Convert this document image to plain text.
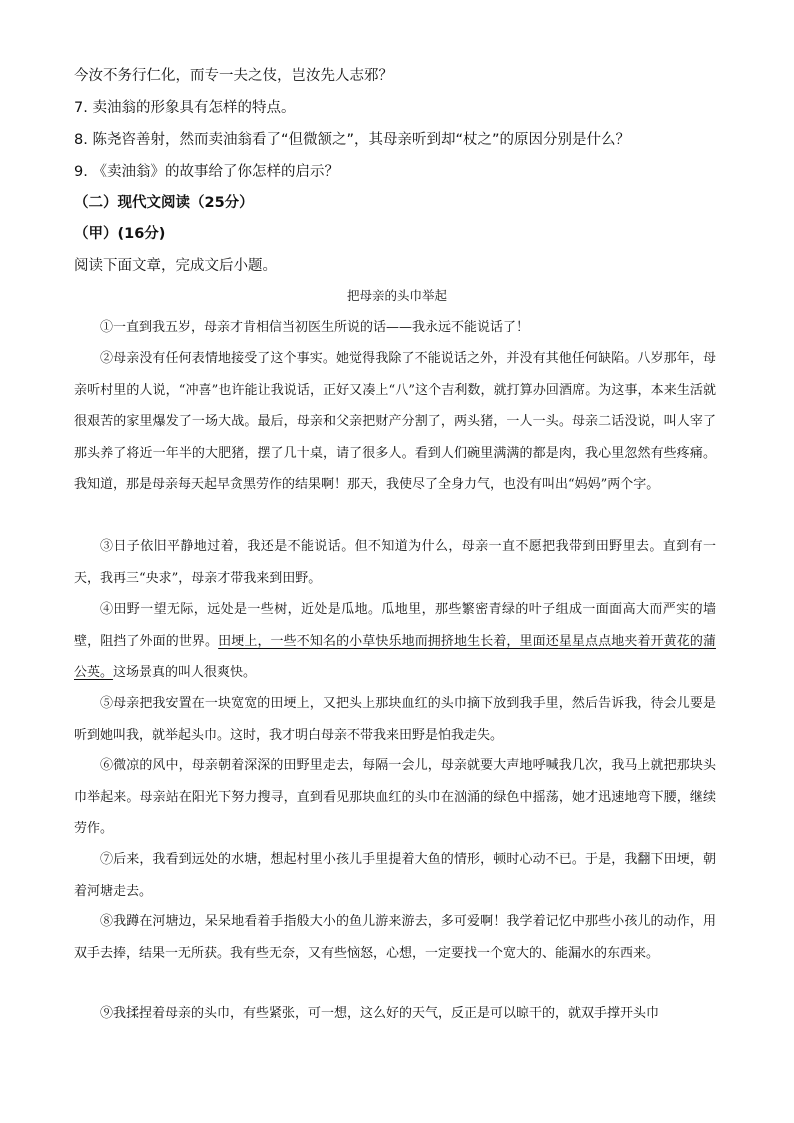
今汝不务行仁化，而专一夫之伎，岂汝先人志邪？
7. 卖油翁的形象具有怎样的特点。
8. 陈尧咨善射，然而卖油翁看了“但微颔之”，其母亲听到却“杖之”的原因分别是什么？
9. 《卖油翁》的故事给了你怎样的启示？
（二）现代文阅读（25分）
（甲）(16分)
阅读下面文章，完成文后小题。
把母亲的头巾举起
①一直到我五岁，母亲才肯相信当初医生所说的话——我永远不能说话了！
②母亲没有任何表情地接受了这个事实。她觉得我除了不能说话之外，并没有其他任何缺陷。八岁那年，母亲听村里的人说，“冲喜”也许能让我说话，正好又凑上“八”这个吉利数，就打算办回酒席。为这事，本来生活就很艰苦的家里爆发了一场大战。最后，母亲和父亲把财产分割了，两头猪，一人一头。母亲二话没说，叫人宰了那头养了将近一年半的大肥猪，摆了几十桌，请了很多人。看到人们碗里满满的都是肉，我心里忽然有些疼痛。我知道，那是母亲每天起早贪黑劳作的结果啊！那天，我使尽了全身力气，也没有叫出“妈妈”两个字。
③日子依旧平静地过着，我还是不能说话。但不知道为什么，母亲一直不愿把我带到田野里去。直到有一天，我再三“央求”，母亲才带我来到田野。
④田野一望无际，远处是一些树，近处是瓜地。瓜地里，那些繁密青绿的叶子组成一面面高大而严实的墙壁，阻挡了外面的世界。田埂上，一些不知名的小草快乐地而拥挤地生长着，里面还星星点点地夹着开黄花的蒲公英。这场景真的叫人很爽快。
⑤母亲把我安置在一块宽宽的田埂上，又把头上那块血红的头巾摘下放到我手里，然后告诉我，待会儿要是听到她叫我，就举起头巾。这时，我才明白母亲不带我来田野是怕我走失。
⑥微凉的风中，母亲朝着深深的田野里走去，每隔一会儿，母亲就要大声地呼喊我几次，我马上就把那块头巾举起来。母亲站在阳光下努力搜寻，直到看见那块血红的头巾在汹涌的绿色中摇荡，她才迅速地弯下腰，继续劳作。
⑦后来，我看到远处的水塘，想起村里小孩儿手里提着大鱼的情形，顿时心动不已。于是，我翻下田埂，朝着河塘走去。
⑧我蹲在河塘边，呆呆地看着手指般大小的鱼儿游来游去，多可爱啊！我学着记忆中那些小孩儿的动作，用双手去捧，结果一无所获。我有些无奈，又有些恼怒，心想，一定要找一个宽大的、能漏水的东西来。
⑨我揉捏着母亲的头巾，有些紧张，可一想，这么好的天气，反正是可以晾干的，就双手撑开头巾
